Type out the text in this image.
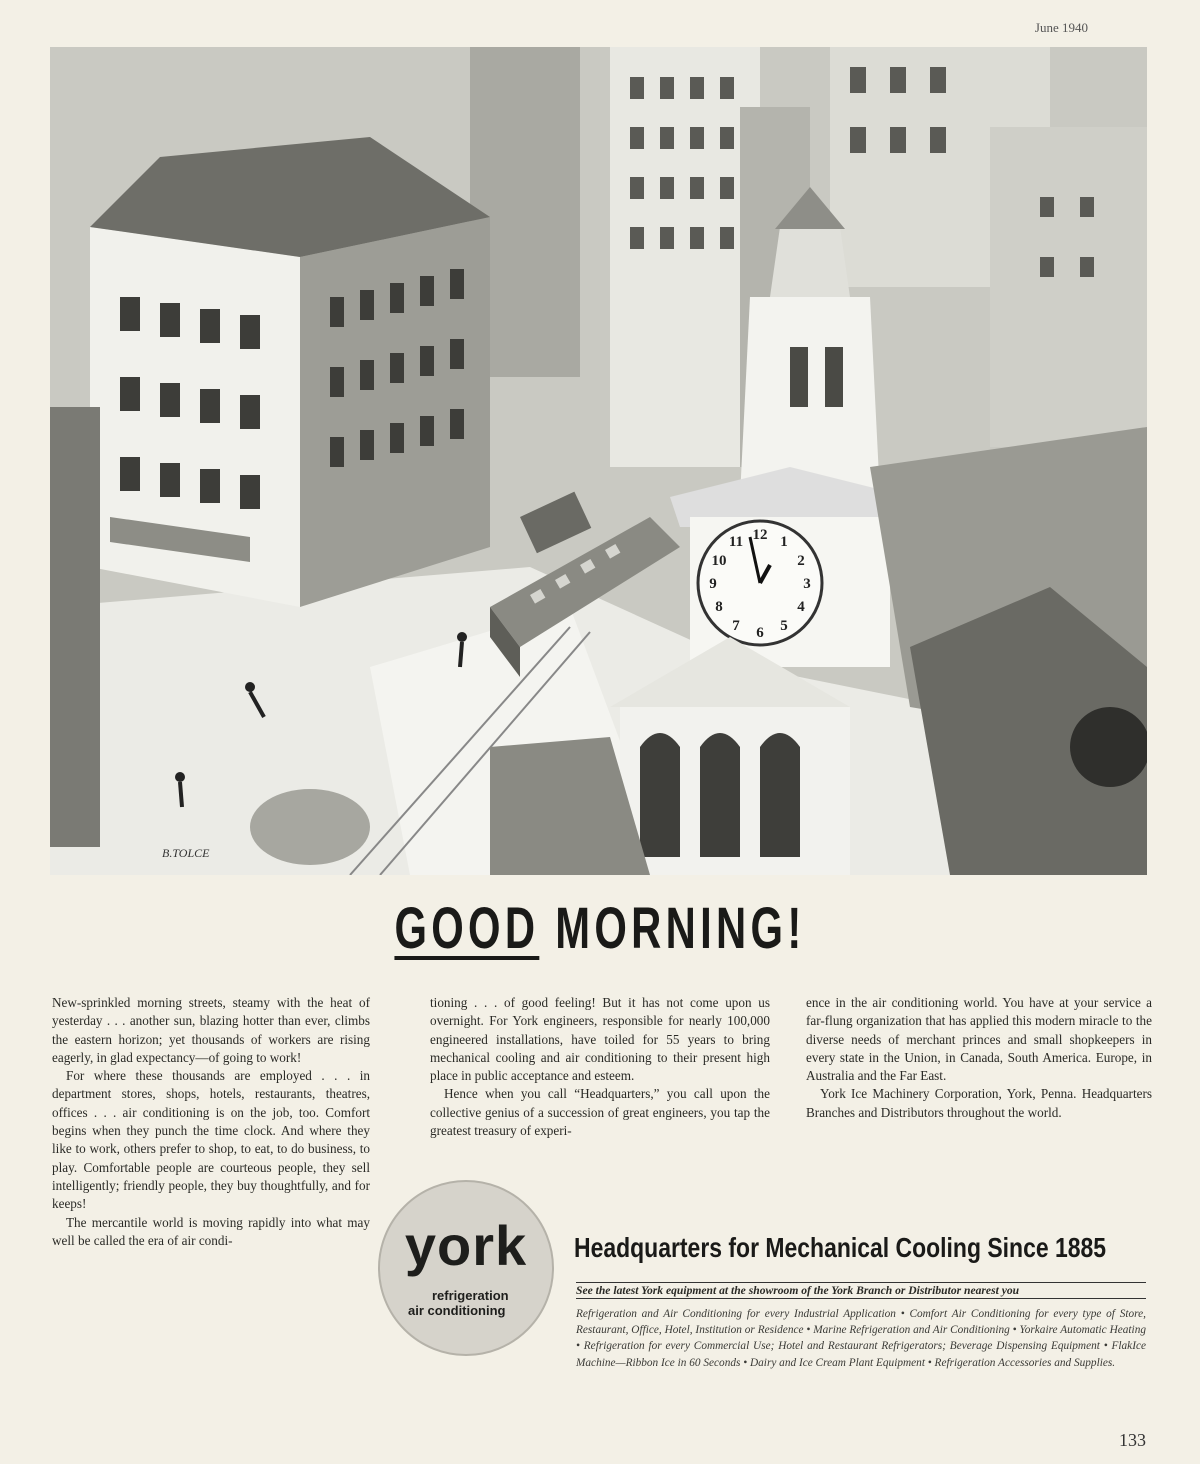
June 1940
12 1
2
3
4
5
6
7
8
9
10
11
B.TOLCE
GOOD MORNING!

New-sprinkled morning streets, steamy with the heat of yesterday . . . another sun, blazing hotter than ever, climbs the eastern horizon; yet thousands of workers are rising eagerly, in glad expectancy—of going to work!

For where these thousands are employed . . . in department stores, shops, hotels, restaurants, theatres, offices . . . air conditioning is on the job, too. Comfort begins when they punch the time clock. And where they like to work, others prefer to shop, to eat, to do business, to play. Comfortable people are courteous people, they sell intelligently; friendly people, they buy thoughtfully, and for keeps!

The mercantile world is moving rapidly into what may well be called the era of air condi-

tioning . . . of good feeling! But it has not come upon us overnight. For York engineers, responsible for nearly 100,000 engineered installations, have toiled for 55 years to bring mechanical cooling and air conditioning to their present high place in public acceptance and esteem.

Hence when you call “Headquarters,” you call upon the collective genius of a succession of great engineers, you tap the greatest treasury of experi-

ence in the air conditioning world. You have at your service a far-flung organization that has applied this modern miracle to the diverse needs of merchant princes and small shopkeepers in every state in the Union, in Canada, South America. Europe, in Australia and the Far East.

York Ice Machinery Corporation, York, Penna. Headquarters Branches and Distributors throughout the world.

york
refrigeration
air conditioning
Headquarters for Mechanical Cooling Since 1885
See the latest York equipment at the showroom of the York Branch or Distributor nearest you
Refrigeration and Air Conditioning for every Industrial Application • Comfort Air Conditioning for every type of Store, Restaurant, Office, Hotel, Institution or Residence • Marine Refrigeration and Air Conditioning • Yorkaire Automatic Heating • Refrigeration for every Commercial Use; Hotel and Restaurant Refrigerators; Beverage Dispensing Equipment • FlakIce Machine—Ribbon Ice in 60 Seconds • Dairy and Ice Cream Plant Equipment • Refrigeration Accessories and Supplies.
133
